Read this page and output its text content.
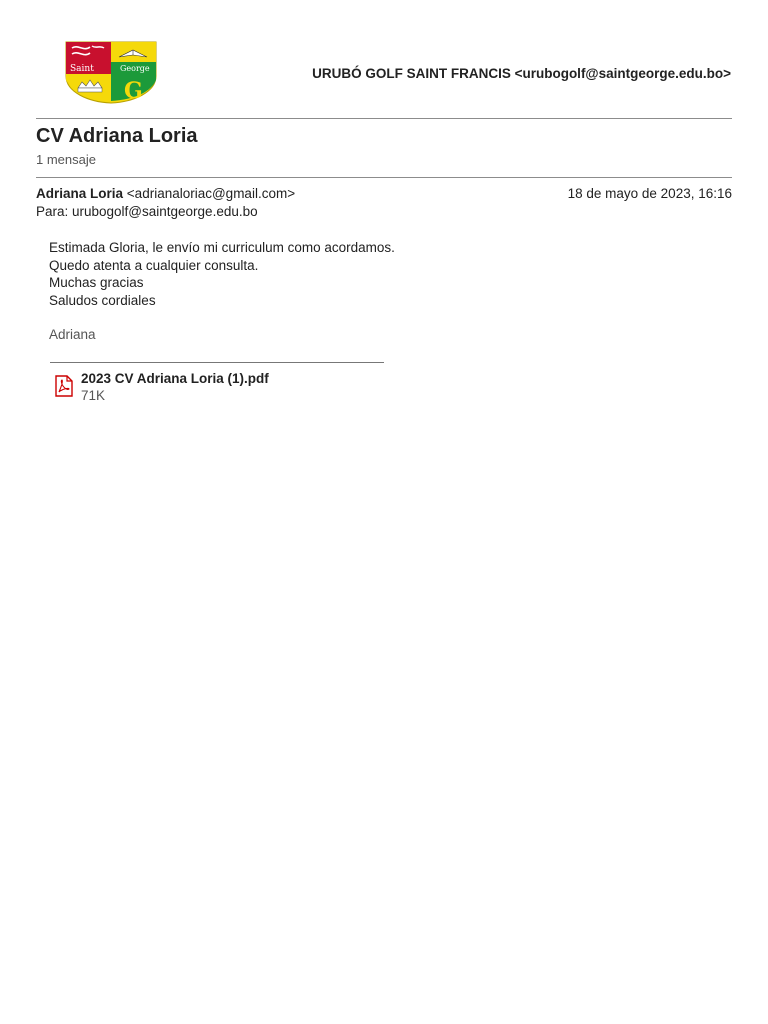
Saint	George
G
URUBÓ GOLF SAINT FRANCIS <urubogolf@saintgeorge.edu.bo>
CV Adriana Loria
1 mensaje
Adriana Loria <adrianaloriac@gmail.com>	18 de mayo de 2023, 16:16
Para: urubogolf@saintgeorge.edu.bo
Estimada Gloria, le envío mi curriculum como acordamos.
Quedo atenta a cualquier consulta.
Muchas gracias
Saludos cordiales
Adriana
2023 CV Adriana Loria (1).pdf
71K
